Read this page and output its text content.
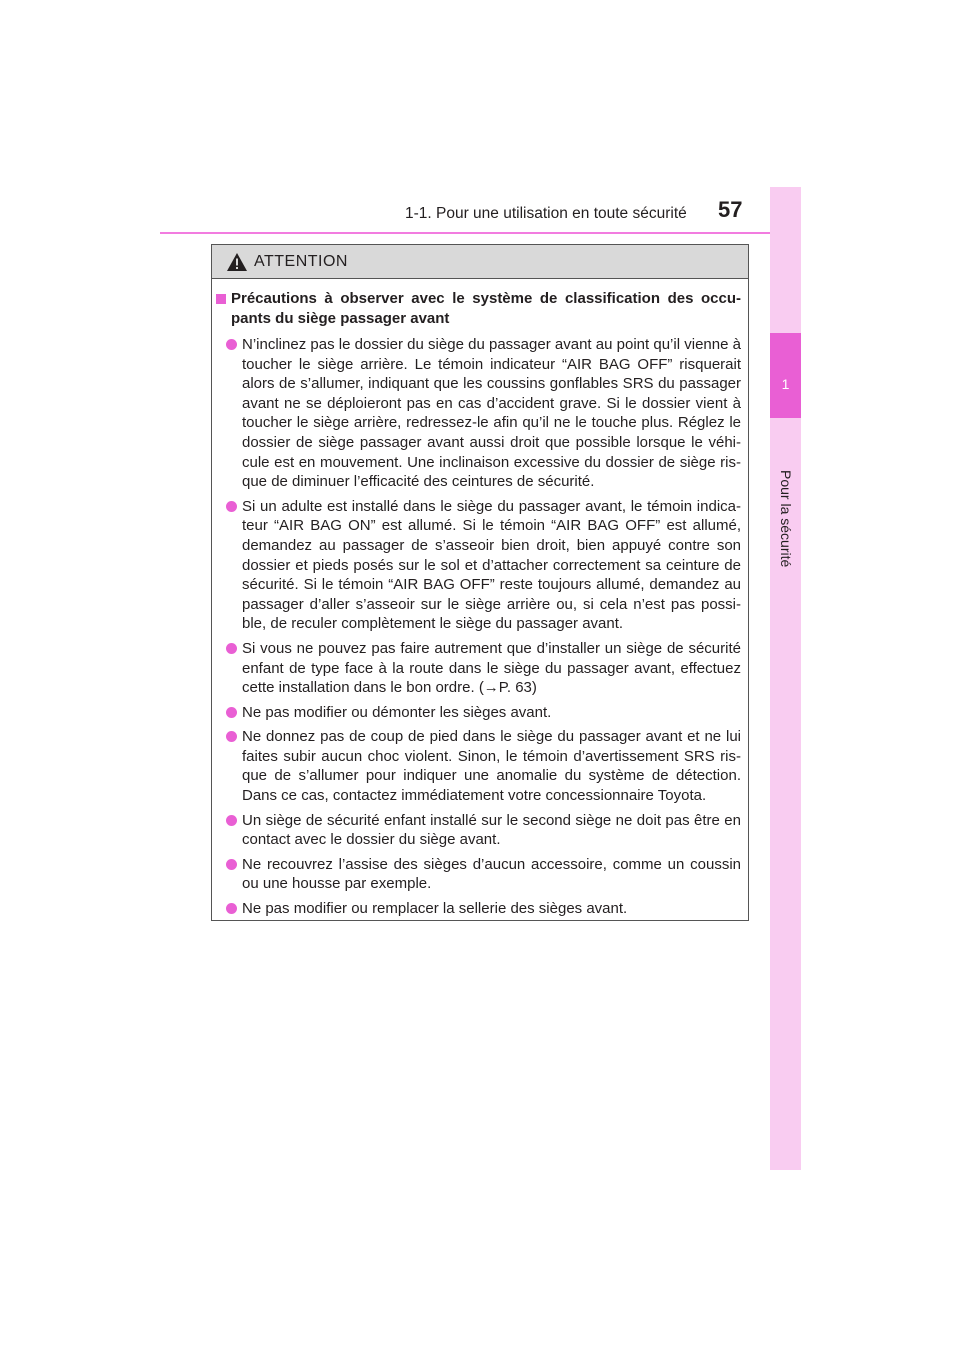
1-1. Pour une utilisation en toute sécurité	57
1
Pour la sécurité
ATTENTION
Précautions à observer avec le système de classification des occu-pants du siège passager avant
N’inclinez pas le dossier du siège du passager avant au point qu’il vienne à toucher le siège arrière. Le témoin indicateur “AIR BAG OFF” risquerait alors de s’allumer, indiquant que les coussins gonflables SRS du passager avant ne se déploieront pas en cas d’accident grave. Si le dossier vient à toucher le siège arrière, redressez-le afin qu’il ne le touche plus. Réglez le dossier de siège passager avant aussi droit que possible lorsque le véhi-cule est en mouvement. Une inclinaison excessive du dossier de siège ris-que de diminuer l’efficacité des ceintures de sécurité.
Si un adulte est installé dans le siège du passager avant, le témoin indica-teur “AIR BAG ON” est allumé. Si le témoin “AIR BAG OFF” est allumé, demandez au passager de s’asseoir bien droit, bien appuyé contre son dossier et pieds posés sur le sol et d’attacher correctement sa ceinture de sécurité. Si le témoin “AIR BAG OFF” reste toujours allumé, demandez au passager d’aller s’asseoir sur le siège arrière ou, si cela n’est pas possi-ble, de reculer complètement le siège du passager avant.
Si vous ne pouvez pas faire autrement que d’installer un siège de sécurité enfant de type face à la route dans le siège du passager avant, effectuez cette installation dans le bon ordre. (→P. 63)
Ne pas modifier ou démonter les sièges avant.
Ne donnez pas de coup de pied dans le siège du passager avant et ne lui faites subir aucun choc violent. Sinon, le témoin d’avertissement SRS ris-que de s’allumer pour indiquer une anomalie du système de détection. Dans ce cas, contactez immédiatement votre concessionnaire Toyota.
Un siège de sécurité enfant installé sur le second siège ne doit pas être en contact avec le dossier du siège avant.
Ne recouvrez l’assise des sièges d’aucun accessoire, comme un coussin ou une housse par exemple.
Ne pas modifier ou remplacer la sellerie des sièges avant.
